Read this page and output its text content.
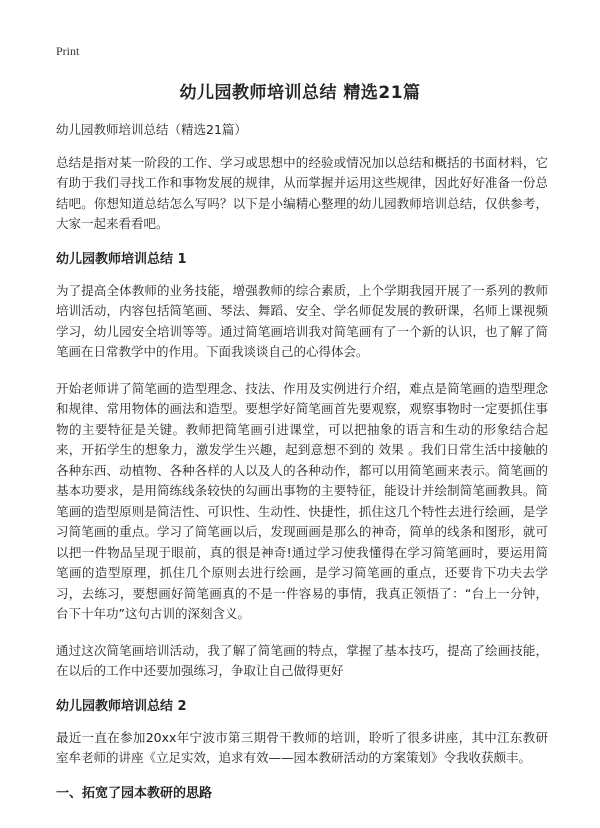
Print
幼儿园教师培训总结 精选21篇

幼儿园教师培训总结（精选21篇）

总结是指对某一阶段的工作、学习或思想中的经验或情况加以总结和概括的书面材料，它有助于我们寻找工作和事物发展的规律，从而掌握并运用这些规律，因此好好准备一份总结吧。你想知道总结怎么写吗？以下是小编精心整理的幼儿园教师培训总结，仅供参考，大家一起来看看吧。

幼儿园教师培训总结 1

为了提高全体教师的业务技能，增强教师的综合素质，上个学期我园开展了一系列的教师培训活动，内容包括简笔画、琴法、舞蹈、安全、学名师促发展的教研课，名师上课视频学习，幼儿园安全培训等等。通过简笔画培训我对简笔画有了一个新的认识，也了解了简笔画在日常教学中的作用。下面我谈谈自己的心得体会。

开始老师讲了简笔画的造型理念、技法、作用及实例进行介绍，难点是简笔画的造型理念和规律、常用物体的画法和造型。要想学好简笔画首先要观察，观察事物时一定要抓住事物的主要特征是关键。教师把简笔画引进课堂，可以把抽象的语言和生动的形象结合起来，开拓学生的想象力，激发学生兴趣，起到意想不到的 效果 。我们日常生活中接触的各种东西、动植物、各种各样的人以及人的各种动作，都可以用简笔画来表示。简笔画的基本功要求，是用简练线条较快的勾画出事物的主要特征，能设计并绘制简笔画教具。简笔画的造型原则是简洁性、可识性、生动性、快捷性，抓住这几个特性去进行绘画，是学习简笔画的重点。学习了简笔画以后，发现画画是那么的神奇，简单的线条和图形，就可以把一件物品呈现于眼前，真的很是神奇!通过学习使我懂得在学习简笔画时，要运用简笔画的造型原理，抓住几个原则去进行绘画，是学习简笔画的重点，还要肯下功夫去学习，去练习，要想画好简笔画真的不是一件容易的事情，我真正领悟了：“台上一分钟，台下十年功”这句古训的深刻含义。

通过这次简笔画培训活动，我了解了简笔画的特点，掌握了基本技巧，提高了绘画技能，在以后的工作中还要加强练习，争取让自己做得更好

幼儿园教师培训总结 2

最近一直在参加20xx年宁波市第三期骨干教师的培训，聆听了很多讲座，其中江东教研室牟老师的讲座《立足实效，追求有效——园本教研活动的方案策划》令我收获颇丰。

一、拓宽了园本教研的思路
